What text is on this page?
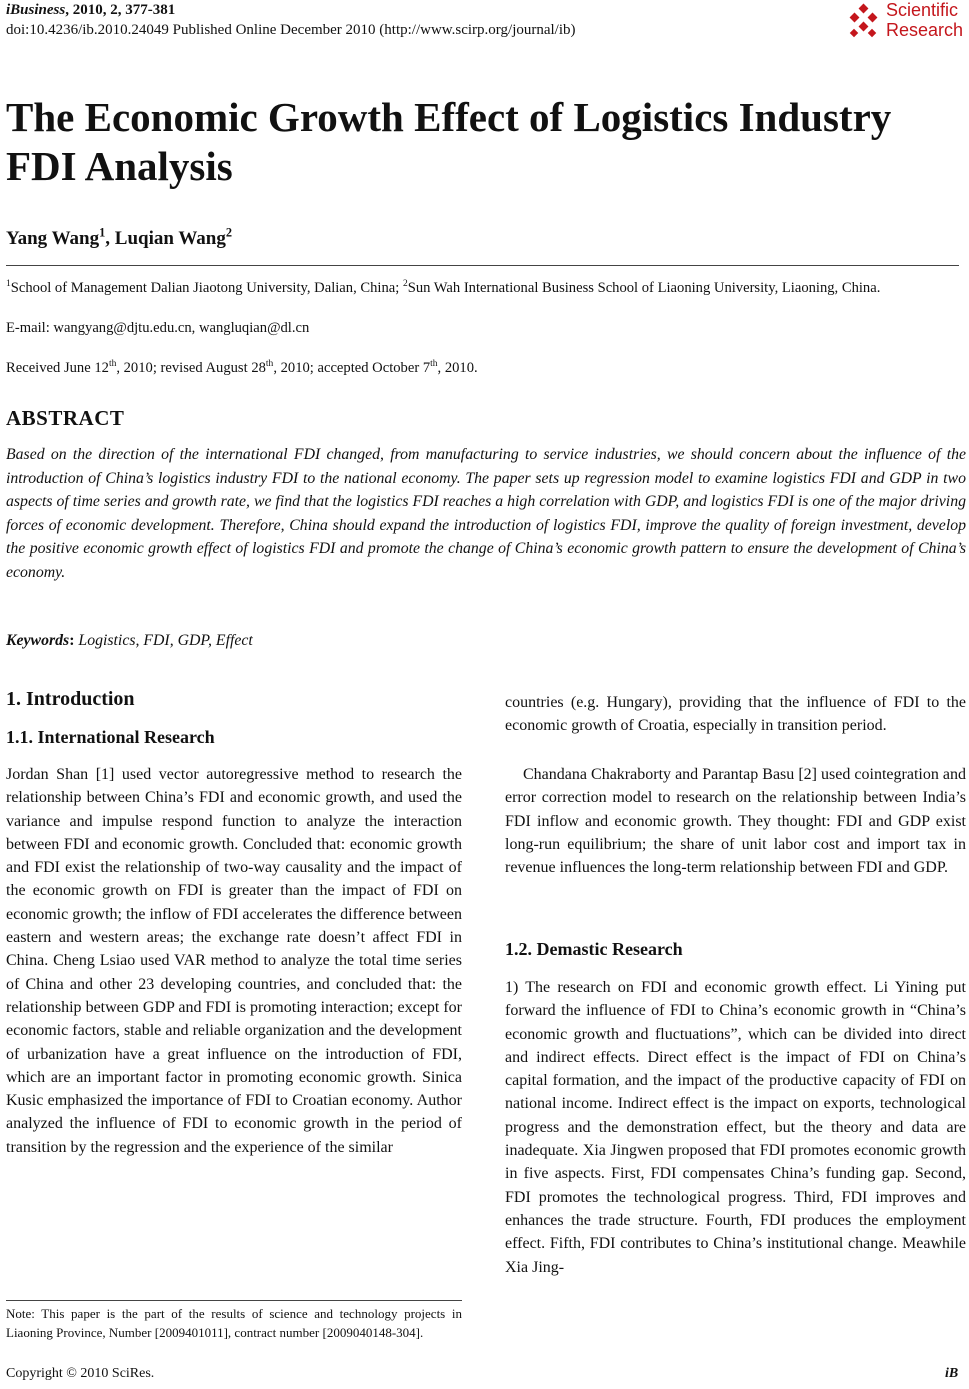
iBusiness, 2010, 2, 377-381
doi:10.4236/ib.2010.24049 Published Online December 2010 (http://www.scirp.org/journal/ib)
Scientific
Research
The Economic Growth Effect of Logistics Industry FDI Analysis
Yang Wang$^1$, Luqian Wang$^2$
$^1$School of Management Dalian Jiaotong University, Dalian, China; $^2$Sun Wah International Business School of Liaoning University, Liaoning, China.
E-mail: wangyang@djtu.edu.cn, wangluqian@dl.cn
Received June 12th, 2010; revised August 28th, 2010; accepted October 7th, 2010.
ABSTRACT
Based on the direction of the international FDI changed, from manufacturing to service industries, we should concern about the influence of the introduction of China’s logistics industry FDI to the national economy. The paper sets up regression model to examine logistics FDI and GDP in two aspects of time series and growth rate, we find that the logistics FDI reaches a high correlation with GDP, and logistics FDI is one of the major driving forces of economic development. Therefore, China should expand the introduction of logistics FDI, improve the quality of foreign investment, develop the positive economic growth effect of logistics FDI and promote the change of China’s economic growth pattern to ensure the development of China’s economy.
Keywords: Logistics, FDI, GDP, Effect
1. Introduction
1.1. International Research
Jordan Shan [1] used vector autoregressive method to research the relationship between China’s FDI and economic growth, and used the variance and impulse respond function to analyze the interaction between FDI and economic growth. Concluded that: economic growth and FDI exist the relationship of two-way causality and the impact of the economic growth on FDI is greater than the impact of FDI on economic growth; the inflow of FDI accelerates the difference between eastern and western areas; the exchange rate doesn’t affect FDI in China. Cheng Lsiao used VAR method to analyze the total time series of China and other 23 developing countries, and concluded that: the relationship between GDP and FDI is promoting interaction; except for economic factors, stable and reliable organization and the development of urbanization have a great influence on the introduction of FDI, which are an important factor in promoting economic growth. Sinica Kusic emphasized the importance of FDI to Croatian economy. Author analyzed the influence of FDI to economic growth in the period of transition by the regression and the experience of the similar
Note: This paper is the part of the results of science and technology projects in Liaoning Province, Number [2009401011], contract number [2009040148-304].
countries (e.g. Hungary), providing that the influence of FDI to the economic growth of Croatia, especially in transition period.
Chandana Chakraborty and Parantap Basu [2] used cointegration and error correction model to research on the relationship between India’s FDI inflow and economic growth. They thought: FDI and GDP exist long-run equilibrium; the share of unit labor cost and import tax in revenue influences the long-term relationship between FDI and GDP.
1.2. Demastic Research
1) The research on FDI and economic growth effect. Li Yining put forward the influence of FDI to China’s economic growth in “China’s economic growth and fluctuations”, which can be divided into direct and indirect effects. Direct effect is the impact of FDI on China’s capital formation, and the impact of the productive capacity of FDI on national income. Indirect effect is the impact on exports, technological progress and the demonstration effect, but the theory and data are inadequate. Xia Jingwen proposed that FDI promotes economic growth in five aspects. First, FDI compensates China’s funding gap. Second, FDI promotes the technological progress. Third, FDI improves and enhances the trade structure. Fourth, FDI produces the employment effect. Fifth, FDI contributes to China’s institutional change. Meawhile Xia Jing-
Copyright © 2010 SciRes.	iB
